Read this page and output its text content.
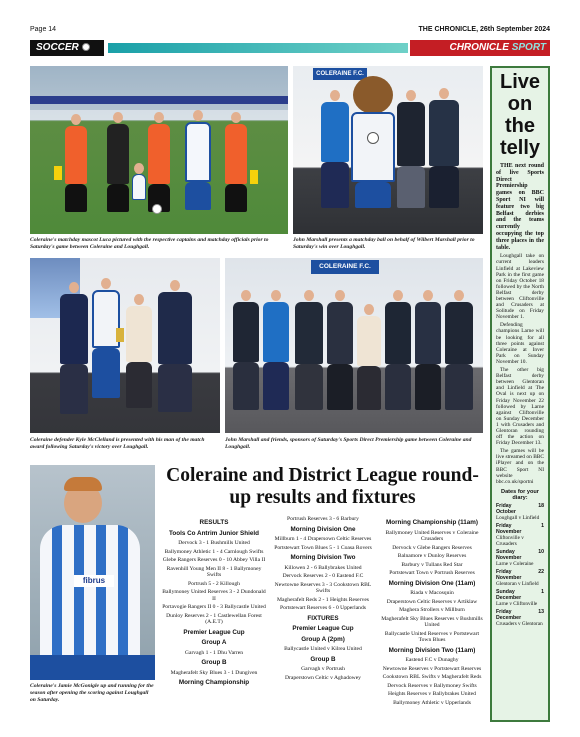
Page 14	THE CHRONICLE, 26th September 2024
SOCCER	CHRONICLE SPORT
Coleraine's matchday mascot Luca pictured with the respective captains and matchday officials prior to Saturday's game between Coleraine and Loughgall.
COLERAINE F.C.
John Marshall presents a matchday ball on behalf of Wilbert Marshall prior to Saturday's win over Loughgall.
Coleraine defender Kyle McClelland is presented with his man of the match award following Saturday's victory over Loughgall.
COLERAINE F.C.
John Marshall and friends, sponsors of Saturday's Sports Direct Premiership game between Coleraine and Loughgall.
fibrus
Coleraine's Jamie McGonigle up and running for the season after opening the scoring against Loughgall on Saturday.
Live on the telly

THE next round of live Sports Direct Premiership games on BBC Sport NI will feature two big Belfast derbies and the teams currently occupying the top three places in the table.

Loughgall take on current leaders Linfield at Lakeview Park in the first game on Friday October 18 followed by the North Belfast derby between Cliftonville and Crusaders at Solitude on Friday November 1.

Defending champions Larne will be looking for all three points against Coleraine at Inver Park on Sunday November 10.

The other big Belfast derby between Glentoran and Linfield at The Oval is next up on Friday November 22 followed by Larne against Cliftonville on Sunday December 1 with Crusaders and Glentoran rounding off the action on Friday December 13.

The games will be live streamed on BBC iPlayer and on the BBC Sport NI website bbc.co.uk/sportni

Dates for your diary:
Friday	18
October
Loughgall v Linfield
Friday	1
November
Cliftonville v Crusaders
Sunday	10
November
Larne v Coleraine
Friday	22
November
Glentoran v Linfield
Sunday	1
December
Larne v Cliftonville
Friday	13
December
Crusaders v Glentoran
Coleraine and District League round-up results and fixtures
RESULTS
Tools Co Antrim Junior Shield
Dervock 3 - 1 Bushmills United
Ballymoney Athletic 1 - 4 Carnlough Swifts
Glebe Rangers Reserves 0 - 10 Abbey Villa II
Ravenhill Young Men II 8 - 1 Ballymoney Swifts
Portrush 5 - 2 Killough
Ballymoney United Reserves 3 - 2 Dundonald II
Portavogie Rangers II 0 - 3 Ballycastle United
Dunloy Reserves 2 - 1 Castlewellan Forest (A.E.T)
Premier League Cup
Group A
Garvagh 1 - 1 Dhu Varren
Group B
Magherafelt Sky Blues 3 - 1 Dungiven
Morning Championship
Portrush Reserves 3 - 6 Barbury
Morning Division One
Millburn 1 - 4 Drapersown Celtic Reserves
Portstewart Town Blues 5 - 1 Coasa Rovers
Morning Division Two
Killowen 2 - 6 Ballybrakes United
Dervock Reserves 2 - 0 Eastend F.C
Newtowne Reserves 3 - 3 Cookstown RBL Swifts
Magherafelt Reds 2 - 1 Heights Reserves
Portstewart Reserves 6 - 0 Upperlands
FIXTURES
Premier League Cup
Group A (2pm)
Ballycastle United v Kilrea United
Group B
Garvagh v Portrush
Draperstown Celtic v Aghadowey
Morning Championship (11am)
Ballymoney United Reserves v Coleraine Crusaders
Dervock v Glebe Rangers Reserves
Balnamore v Dunloy Reserves
Barbury v Tullans Red Star
Portstewart Town v Portrush Reserves
Morning Division One (11am)
Riada v Macosquin
Draperstown Celtic Reserves v Artiklaw
Maghera Strollers v Millburn
Magherafelt Sky Blues Reserves v Bushmills United
Ballycastle United Reserves v Portstewart Town Blues
Morning Division Two (11am)
Eastend F.C v Dunaghy
Newtowne Reserves v Portstewart Reserves
Cookstown RBL Swifts v Magherafelt Reds
Dervock Reserves v Ballymoney Swifts
Heights Reserves v Ballybrakes United
Ballymoney Athletic v Upperlands
